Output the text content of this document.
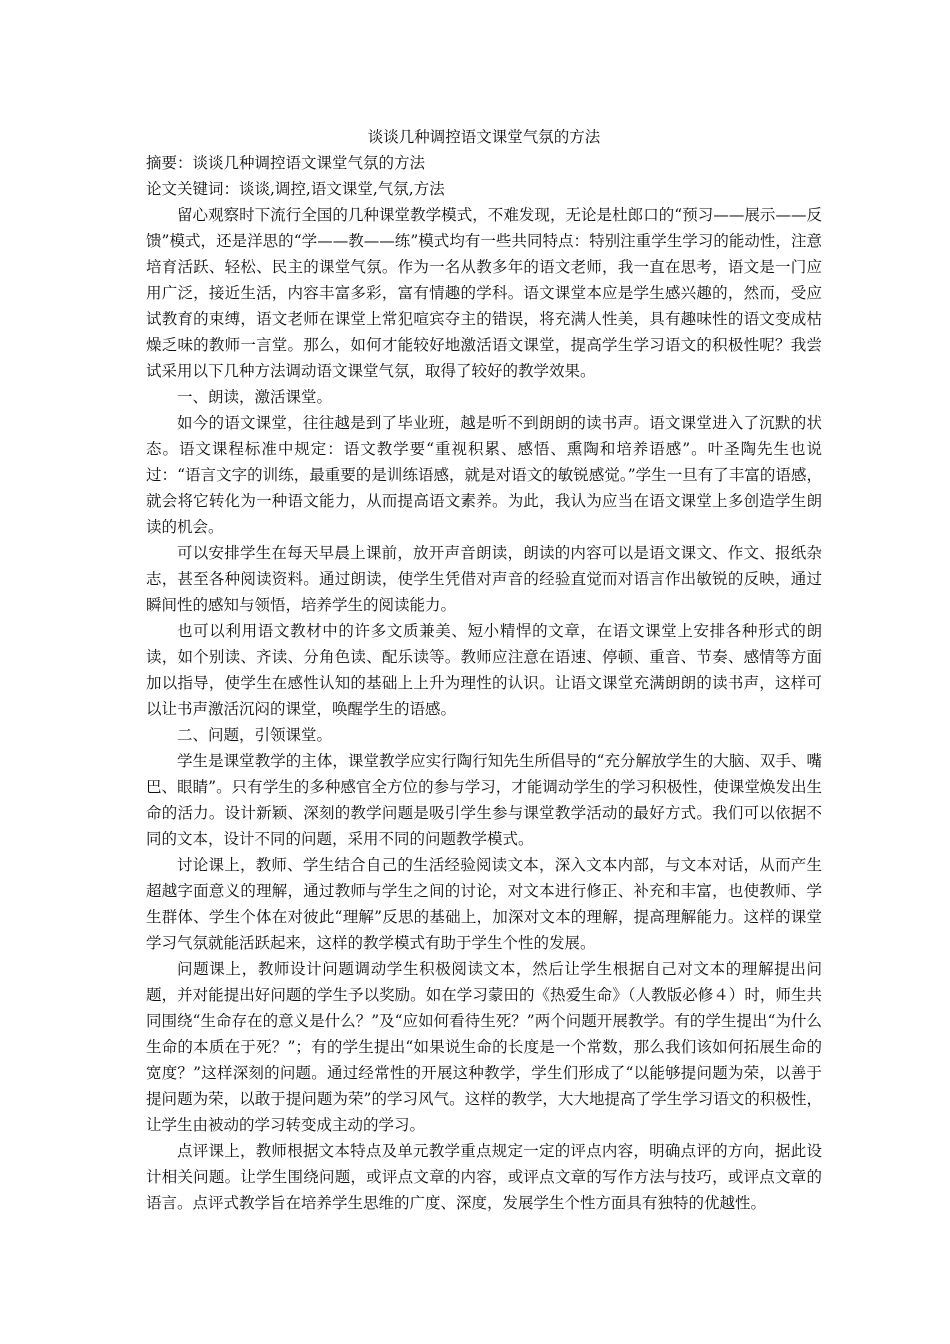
谈谈几种调控语文课堂气氛的方法

摘要：谈谈几种调控语文课堂气氛的方法

论文关键词：谈谈,调控,语文课堂,气氛,方法

留心观察时下流行全国的几种课堂教学模式，不难发现，无论是杜郎口的“预习——展示——反馈”模式，还是洋思的“学——教——练”模式均有一些共同特点：特别注重学生学习的能动性，注意培育活跃、轻松、民主的课堂气氛。作为一名从教多年的语文老师，我一直在思考，语文是一门应用广泛，接近生活，内容丰富多彩，富有情趣的学科。语文课堂本应是学生感兴趣的，然而，受应试教育的束缚，语文老师在课堂上常犯喧宾夺主的错误，将充满人性美，具有趣味性的语文变成枯燥乏味的教师一言堂。那么，如何才能较好地激活语文课堂，提高学生学习语文的积极性呢？我尝试采用以下几种方法调动语文课堂气氛，取得了较好的教学效果。

一、朗读，激活课堂。

如今的语文课堂，往往越是到了毕业班，越是听不到朗朗的读书声。语文课堂进入了沉默的状态。语文课程标准中规定：语文教学要“重视积累、感悟、熏陶和培养语感”。叶圣陶先生也说过：“语言文字的训练，最重要的是训练语感，就是对语文的敏锐感觉。”学生一旦有了丰富的语感，就会将它转化为一种语文能力，从而提高语文素养。为此，我认为应当在语文课堂上多创造学生朗读的机会。

可以安排学生在每天早晨上课前，放开声音朗读，朗读的内容可以是语文课文、作文、报纸杂志，甚至各种阅读资料。通过朗读，使学生凭借对声音的经验直觉而对语言作出敏锐的反映，通过瞬间性的感知与领悟，培养学生的阅读能力。

也可以利用语文教材中的许多文质兼美、短小精悍的文章，在语文课堂上安排各种形式的朗读，如个别读、齐读、分角色读、配乐读等。教师应注意在语速、停顿、重音、节奏、感情等方面加以指导，使学生在感性认知的基础上上升为理性的认识。让语文课堂充满朗朗的读书声，这样可以让书声激活沉闷的课堂，唤醒学生的语感。

二、问题，引领课堂。

学生是课堂教学的主体，课堂教学应实行陶行知先生所倡导的“充分解放学生的大脑、双手、嘴巴、眼睛”。只有学生的多种感官全方位的参与学习，才能调动学生的学习积极性，使课堂焕发出生命的活力。设计新颖、深刻的教学问题是吸引学生参与课堂教学活动的最好方式。我们可以依据不同的文本，设计不同的问题，采用不同的问题教学模式。

讨论课上，教师、学生结合自己的生活经验阅读文本，深入文本内部，与文本对话，从而产生超越字面意义的理解，通过教师与学生之间的讨论，对文本进行修正、补充和丰富，也使教师、学生群体、学生个体在对彼此“理解”反思的基础上，加深对文本的理解，提高理解能力。这样的课堂学习气氛就能活跃起来，这样的教学模式有助于学生个性的发展。

问题课上，教师设计问题调动学生积极阅读文本，然后让学生根据自己对文本的理解提出问题，并对能提出好问题的学生予以奖励。如在学习蒙田的《热爱生命》（人教版必修４）时，师生共同围绕“生命存在的意义是什么？”及“应如何看待生死？”两个问题开展教学。有的学生提出“为什么生命的本质在于死？”；有的学生提出“如果说生命的长度是一个常数，那么我们该如何拓展生命的宽度？”这样深刻的问题。通过经常性的开展这种教学，学生们形成了“以能够提问题为荣，以善于提问题为荣，以敢于提问题为荣”的学习风气。这样的教学，大大地提高了学生学习语文的积极性，让学生由被动的学习转变成主动的学习。

点评课上，教师根据文本特点及单元教学重点规定一定的评点内容，明确点评的方向，据此设计相关问题。让学生围绕问题，或评点文章的内容，或评点文章的写作方法与技巧，或评点文章的语言。点评式教学旨在培养学生思维的广度、深度，发展学生个性方面具有独特的优越性。
